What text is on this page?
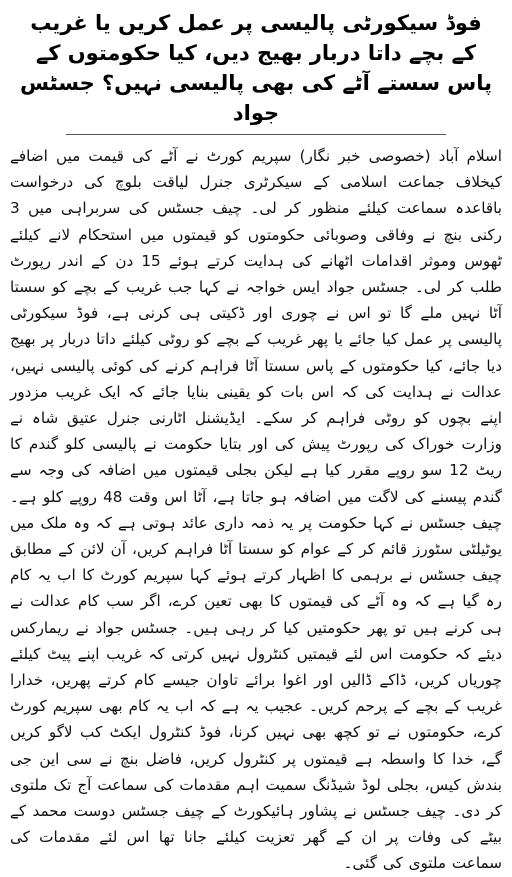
فوڈ سیکورٹی پالیسی پر عمل کریں یا غریب کے بچے داتا دربار بھیج دیں، کیا حکومتوں کے پاس سستے آٹے کی بھی پالیسی نہیں؟ جسٹس جواد

اسلام آباد (خصوصی خبر نگار) سپریم کورٹ نے آٹے کی قیمت میں اضافے کیخلاف جماعت اسلامی کے سیکرٹری جنرل لیاقت بلوچ کی درخواست باقاعدہ سماعت کیلئے منظور کر لی۔ چیف جسٹس کی سربراہی میں 3 رکنی بنچ نے وفاقی وصوبائی حکومتوں کو قیمتوں میں استحکام لانے کیلئے ٹھوس وموثر اقدامات اٹھانے کی ہدایت کرتے ہوئے 15 دن کے اندر رپورٹ طلب کر لی۔ جسٹس جواد ایس خواجہ نے کہا جب غریب کے بچے کو سستا آٹا نہیں ملے گا تو اس نے چوری اور ڈکیتی ہی کرنی ہے، فوڈ سیکورٹی پالیسی پر عمل کیا جائے یا پھر غریب کے بچے کو روٹی کیلئے داتا دربار پر بھیج دیا جائے، کیا حکومتوں کے پاس سستا آٹا فراہم کرنے کی کوئی پالیسی نہیں، عدالت نے ہدایت کی کہ اس بات کو یقینی بنایا جائے کہ ایک غریب مزدور اپنے بچوں کو روٹی فراہم کر سکے۔ ایڈیشنل اٹارنی جنرل عتیق شاہ نے وزارت خوراک کی رپورٹ پیش کی اور بتایا حکومت نے پالیسی کلو گندم کا ریٹ 12 سو روپے مقرر کیا ہے لیکن بجلی قیمتوں میں اضافہ کی وجہ سے گندم پیسنے کی لاگت میں اضافہ ہو جاتا ہے، آٹا اس وقت 48 روپے کلو ہے۔ چیف جسٹس نے کہا حکومت پر یہ ذمہ داری عائد ہوتی ہے کہ وہ ملک میں یوٹیلٹی سٹورز قائم کر کے عوام کو سستا آٹا فراہم کریں، آن لائن کے مطابق چیف جسٹس نے برہمی کا اظہار کرتے ہوئے کہا سپریم کورٹ کا اب یہ کام رہ گیا ہے کہ وہ آٹے کی قیمتوں کا بھی تعین کرے، اگر سب کام عدالت نے ہی کرنے ہیں تو پھر حکومتیں کیا کر رہی ہیں۔ جسٹس جواد نے ریمارکس دیئے کہ حکومت اس لئے قیمتیں کنٹرول نہیں کرتی کہ غریب اپنے پیٹ کیلئے چوریاں کریں، ڈاکے ڈالیں اور اغوا برائے تاوان جیسے کام کرتے پھریں، خدارا غریب کے بچے کے پرحم کریں۔ عجیب یہ ہے کہ اب یہ کام بھی سپریم کورٹ کرے، حکومتوں نے تو کچھ بھی نہیں کرنا، فوڈ کنٹرول ایکٹ کب لاگو کریں گے، خدا کا واسطہ ہے قیمتوں پر کنٹرول کریں، فاضل بنچ نے سی این جی بندش کیس، بجلی لوڈ شیڈنگ سمیت اہم مقدمات کی سماعت آج تک ملتوی کر دی۔ چیف جسٹس نے پشاور ہائیکورٹ کے چیف جسٹس دوست محمد کے بیٹے کی وفات پر ان کے گھر تعزیت کیلئے جانا تھا اس لئے مقدمات کی سماعت ملتوی کی گئی۔
